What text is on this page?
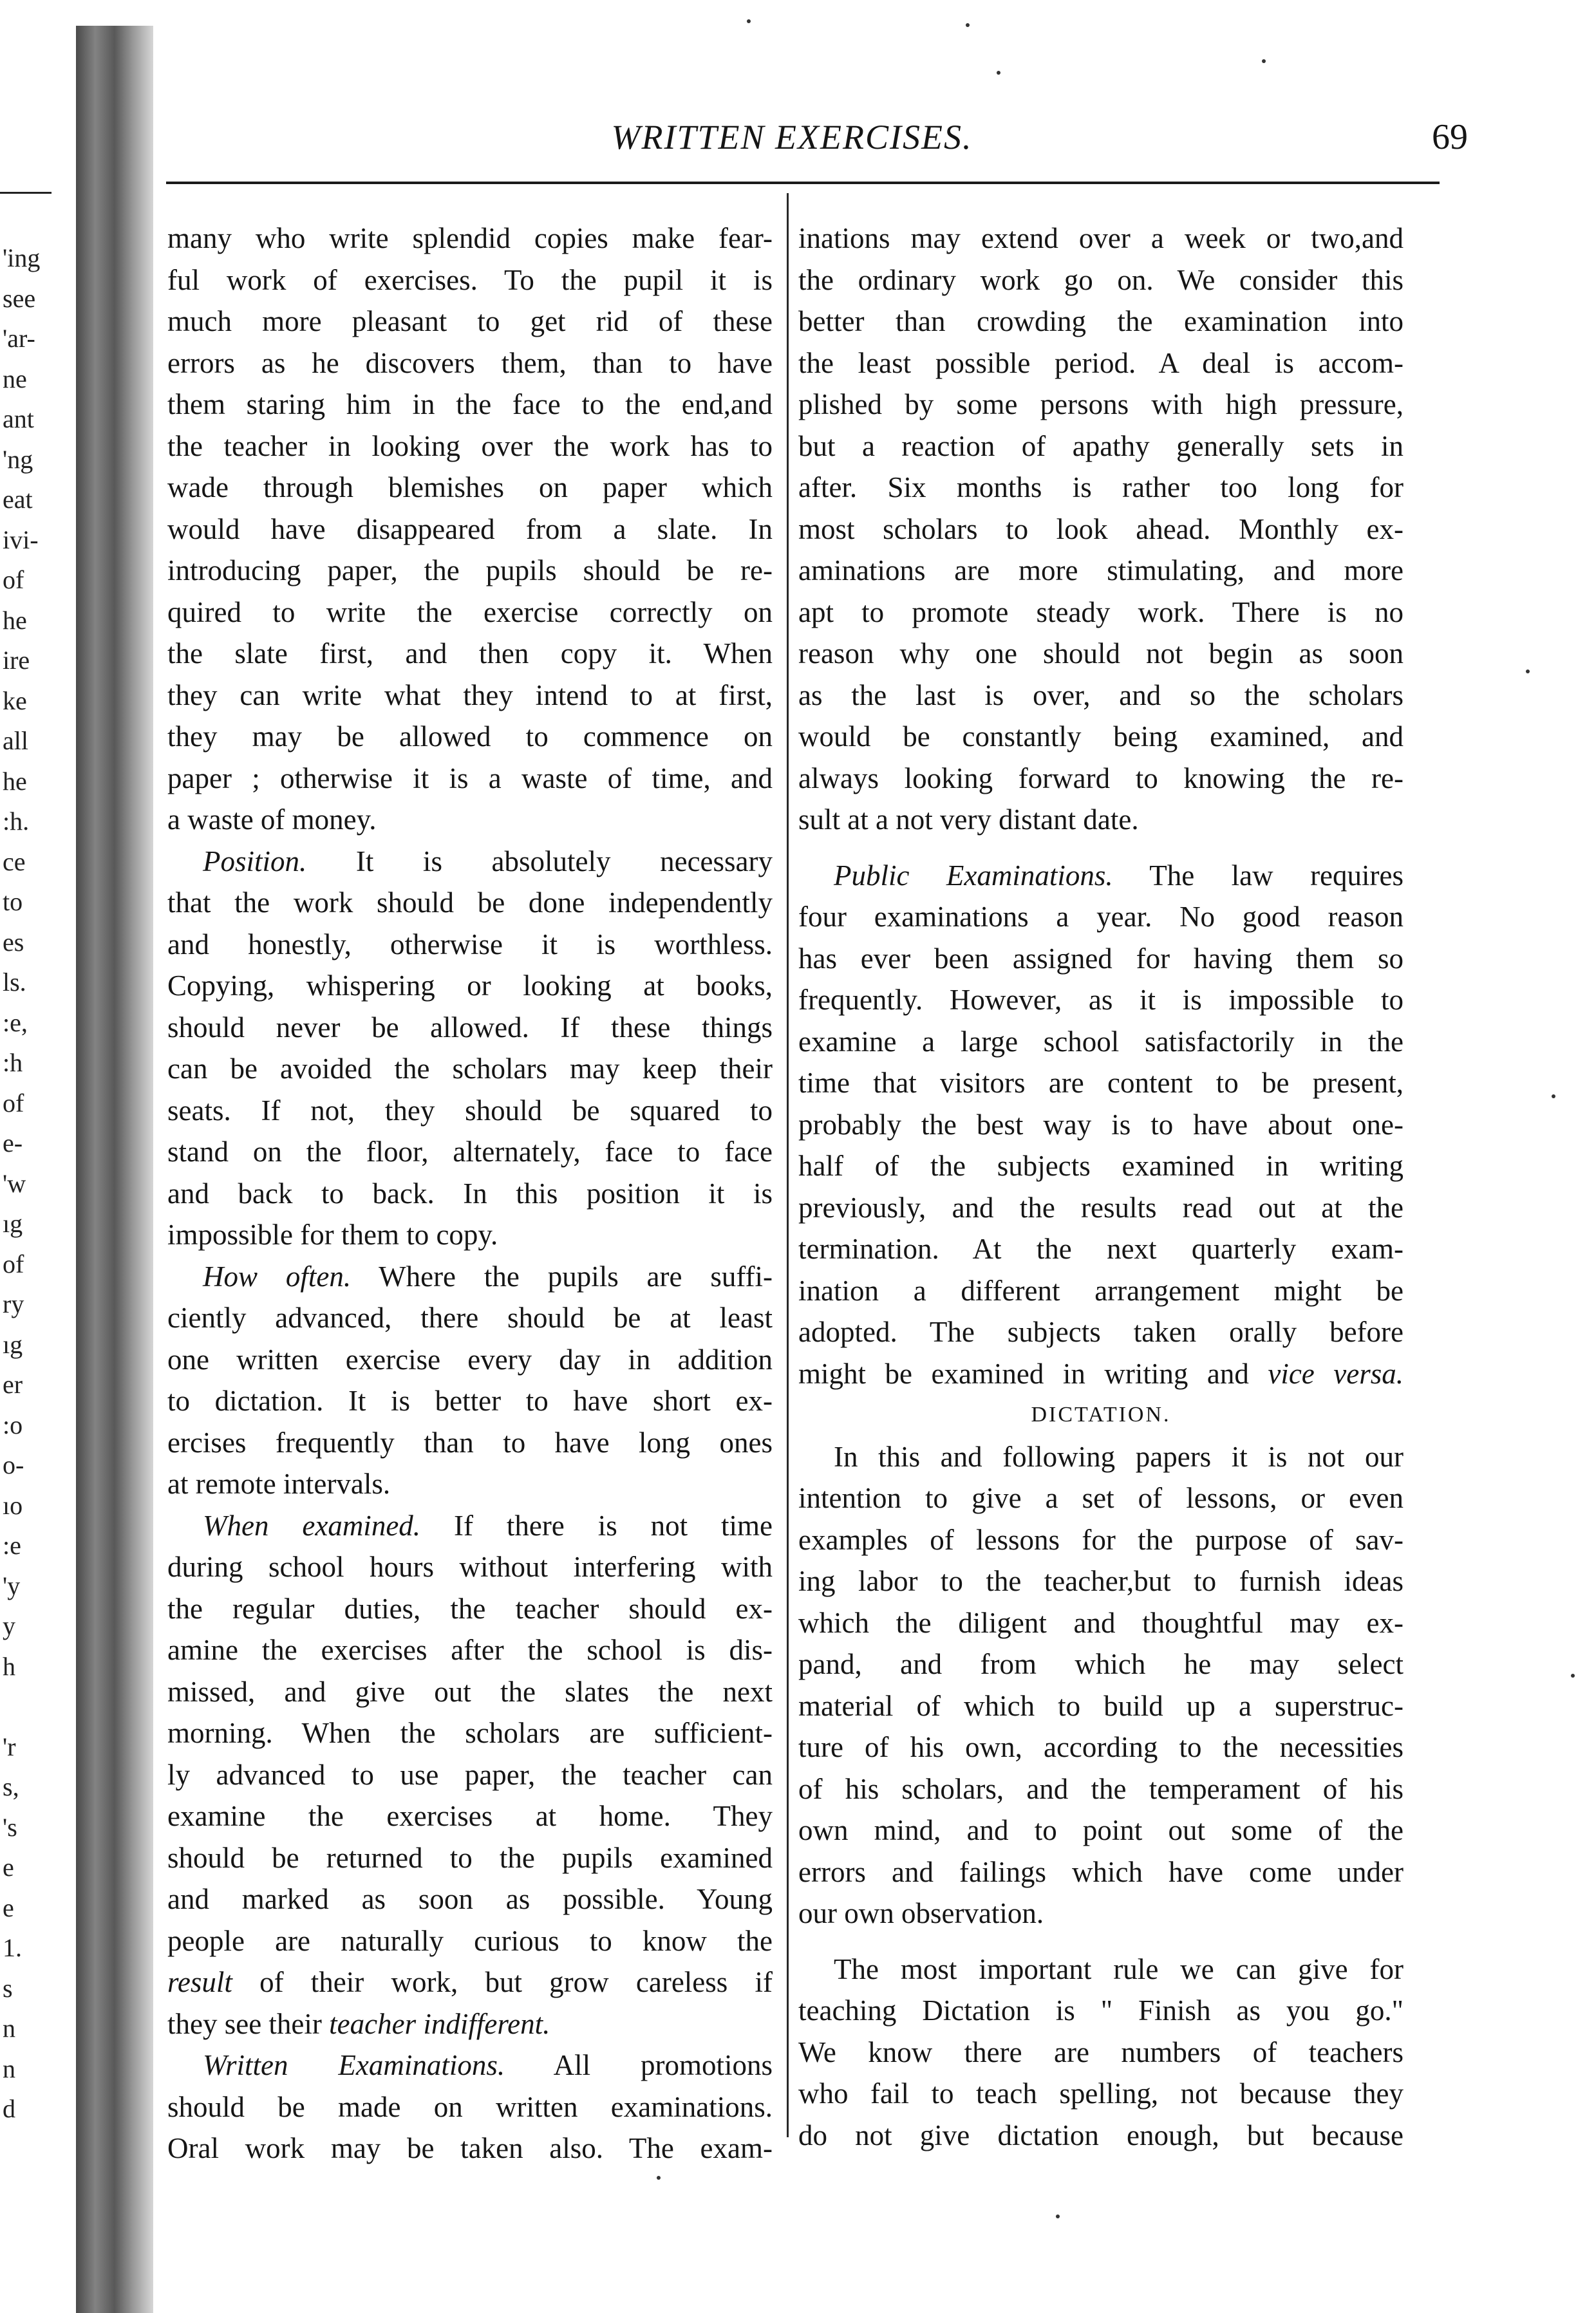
'ing
see
'ar-
ne
ant
'ng
eat
ivi-
of
he
ire
ke
all
he
:h.
ce
to
es
ls.
:e,
:h
of
e-
'w
ıg
of
ry
ıg
er
:o
o-
ıo
:e
'y
y
h

'r
s,
's
e
e
1.
s
n
n
d
WRITTEN EXERCISES.	69
many who write splendid copies make fear-
ful work of exercises. To the pupil it is
much more pleasant to get rid of these
errors as he discovers them, than to have
them staring him in the face to the end,and
the teacher in looking over the work has to
wade through blemishes on paper which
would have disappeared from a slate. In
introducing paper, the pupils should be re-
quired to write the exercise correctly on
the slate first, and then copy it. When
they can write what they intend to at first,
they may be allowed to commence on
paper ; otherwise it is a waste of time, and
a waste of money.
Position. It is absolutely necessary
that the work should be done independently
and honestly, otherwise it is worthless.
Copying, whispering or looking at books,
should never be allowed. If these things
can be avoided the scholars may keep their
seats. If not, they should be squared to
stand on the floor, alternately, face to face
and back to back. In this position it is
impossible for them to copy.
How often. Where the pupils are suffi-
ciently advanced, there should be at least
one written exercise every day in addition
to dictation. It is better to have short ex-
ercises frequently than to have long ones
at remote intervals.
When examined. If there is not time
during school hours without interfering with
the regular duties, the teacher should ex-
amine the exercises after the school is dis-
missed, and give out the slates the next
morning. When the scholars are sufficient-
ly advanced to use paper, the teacher can
examine the exercises at home. They
should be returned to the pupils examined
and marked as soon as possible. Young
people are naturally curious to know the
result of their work, but grow careless if
they see their teacher indifferent.
Written Examinations. All promotions
should be made on written examinations.
Oral work may be taken also. The exam-
inations may extend over a week or two,and
the ordinary work go on. We consider this
better than crowding the examination into
the least possible period. A deal is accom-
plished by some persons with high pressure,
but a reaction of apathy generally sets in
after. Six months is rather too long for
most scholars to look ahead. Monthly ex-
aminations are more stimulating, and more
apt to promote steady work. There is no
reason why one should not begin as soon
as the last is over, and so the scholars
would be constantly being examined, and
always looking forward to knowing the re-
sult at a not very distant date.
Public Examinations. The law requires
four examinations a year. No good reason
has ever been assigned for having them so
frequently. However, as it is impossible to
examine a large school satisfactorily in the
time that visitors are content to be present,
probably the best way is to have about one-
half of the subjects examined in writing
previously, and the results read out at the
termination. At the next quarterly exam-
ination a different arrangement might be
adopted. The subjects taken orally before
might be examined in writing and vice versa.
DICTATION.
In this and following papers it is not our
intention to give a set of lessons, or even
examples of lessons for the purpose of sav-
ing labor to the teacher,but to furnish ideas
which the diligent and thoughtful may ex-
pand, and from which he may select
material of which to build up a superstruc-
ture of his own, according to the necessities
of his scholars, and the temperament of his
own mind, and to point out some of the
errors and failings which have come under
our own observation.
The most important rule we can give for
teaching Dictation is " Finish as you go."
We know there are numbers of teachers
who fail to teach spelling, not because they
do not give dictation enough, but because
